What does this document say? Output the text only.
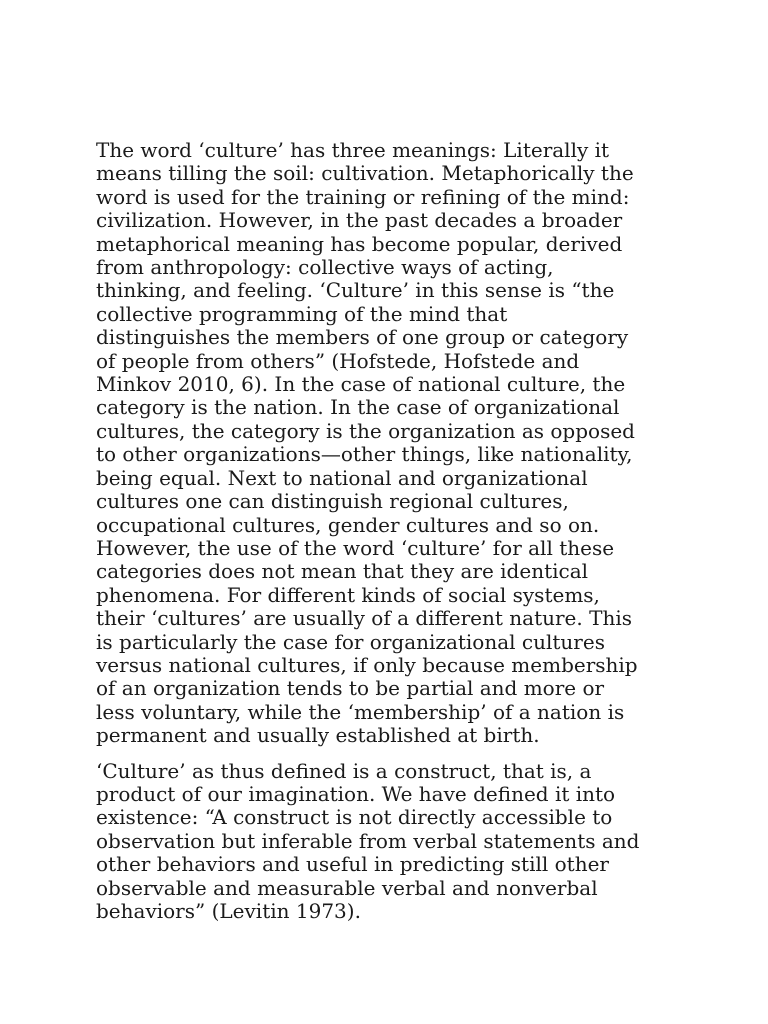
The word ‘culture’ has three meanings: Literally it
means tilling the soil: cultivation. Metaphorically the
word is used for the training or refining of the mind:
civilization. However, in the past decades a broader
metaphorical meaning has become popular, derived
from anthropology: collective ways of acting,
thinking, and feeling. ‘Culture’ in this sense is “the
collective programming of the mind that
distinguishes the members of one group or category
of people from others” (Hofstede, Hofstede and
Minkov 2010, 6). In the case of national culture, the
category is the nation. In the case of organizational
cultures, the category is the organization as opposed
to other organizations—other things, like nationality,
being equal. Next to national and organizational
cultures one can distinguish regional cultures,
occupational cultures, gender cultures and so on.
However, the use of the word ‘culture’ for all these
categories does not mean that they are identical
phenomena. For different kinds of social systems,
their ‘cultures’ are usually of a different nature. This
is particularly the case for organizational cultures
versus national cultures, if only because membership
of an organization tends to be partial and more or
less voluntary, while the ‘membership’ of a nation is
permanent and usually established at birth.

‘Culture’ as thus defined is a construct, that is, a
product of our imagination. We have defined it into
existence: “A construct is not directly accessible to
observation but inferable from verbal statements and
other behaviors and useful in predicting still other
observable and measurable verbal and nonverbal
behaviors” (Levitin 1973).
